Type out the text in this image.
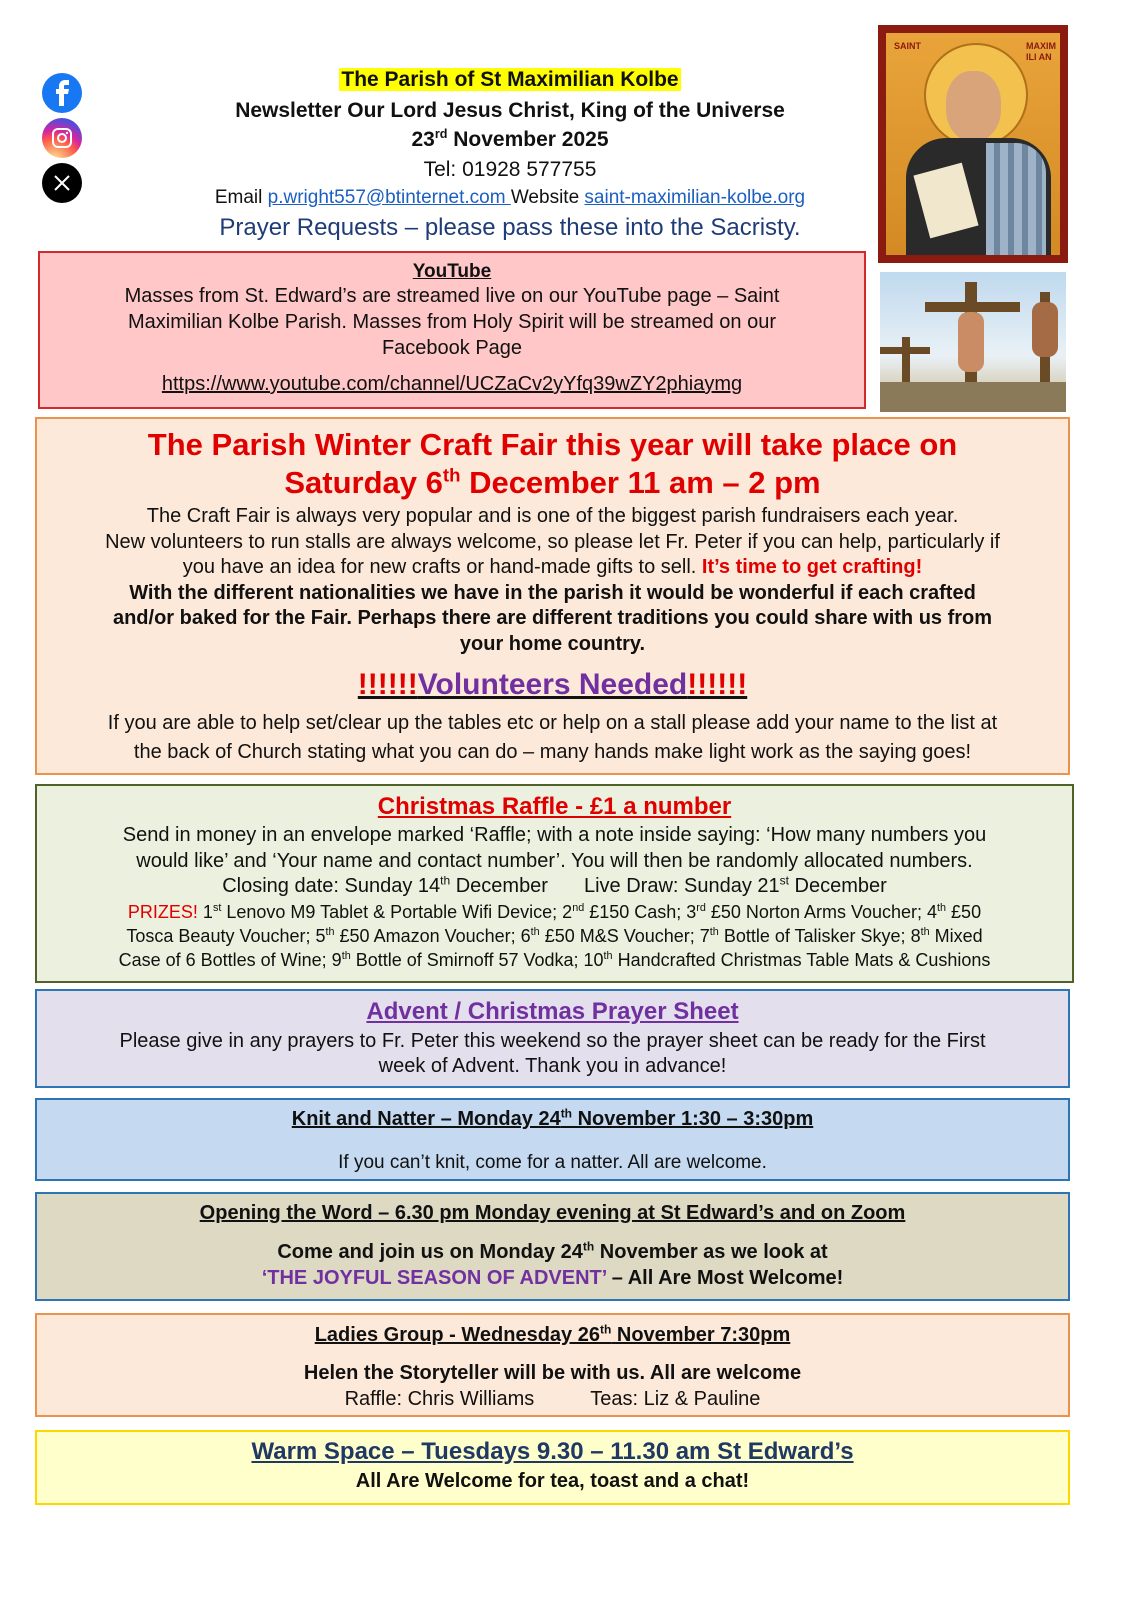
The Parish of St Maximilian Kolbe
Newsletter Our Lord Jesus Christ, King of the Universe
23rd November 2025
Tel: 01928 577755
Email p.wright557@btinternet.com Website saint-maximilian-kolbe.org
Prayer Requests – please pass these into the Sacristy.
SAINT	MAXIM ILI AN
YouTube
Masses from St. Edward’s are streamed live on our YouTube page – Saint
Maximilian Kolbe Parish. Masses from Holy Spirit will be streamed on our
Facebook Page
https://www.youtube.com/channel/UCZaCv2yYfq39wZY2phiaymg
The Parish Winter Craft Fair this year will take place on
Saturday 6th December 11 am – 2 pm
The Craft Fair is always very popular and is one of the biggest parish fundraisers each year.
New volunteers to run stalls are always welcome, so please let Fr. Peter if you can help, particularly if
you have an idea for new crafts or hand-made gifts to sell. It’s time to get crafting!
With the different nationalities we have in the parish it would be wonderful if each crafted
and/or baked for the Fair. Perhaps there are different traditions you could share with us from
your home country.
!!!!!!Volunteers Needed!!!!!!
If you are able to help set/clear up the tables etc or help on a stall please add your name to the list at
the back of Church stating what you can do – many hands make light work as the saying goes!
Christmas Raffle - £1 a number
Send in money in an envelope marked ‘Raffle; with a note inside saying: ‘How many numbers you
would like’ and ‘Your name and contact number’. You will then be randomly allocated numbers.
Closing date: Sunday 14th December Live Draw: Sunday 21st December
PRIZES! 1st Lenovo M9 Tablet & Portable Wifi Device; 2nd £150 Cash; 3rd £50 Norton Arms Voucher; 4th £50
Tosca Beauty Voucher; 5th £50 Amazon Voucher; 6th £50 M&S Voucher; 7th Bottle of Talisker Skye; 8th Mixed
Case of 6 Bottles of Wine; 9th Bottle of Smirnoff 57 Vodka; 10th Handcrafted Christmas Table Mats & Cushions
Advent / Christmas Prayer Sheet
Please give in any prayers to Fr. Peter this weekend so the prayer sheet can be ready for the First
week of Advent. Thank you in advance!
Knit and Natter – Monday 24th November 1:30 – 3:30pm
If you can’t knit, come for a natter. All are welcome.
Opening the Word – 6.30 pm Monday evening at St Edward’s and on Zoom
Come and join us on Monday 24th November as we look at
‘THE JOYFUL SEASON OF ADVENT’ – All Are Most Welcome!
Ladies Group - Wednesday 26th November 7:30pm
Helen the Storyteller will be with us. All are welcome
Raffle: Chris Williams	Teas: Liz & Pauline
Warm Space – Tuesdays 9.30 – 11.30 am St Edward’s
All Are Welcome for tea, toast and a chat!
